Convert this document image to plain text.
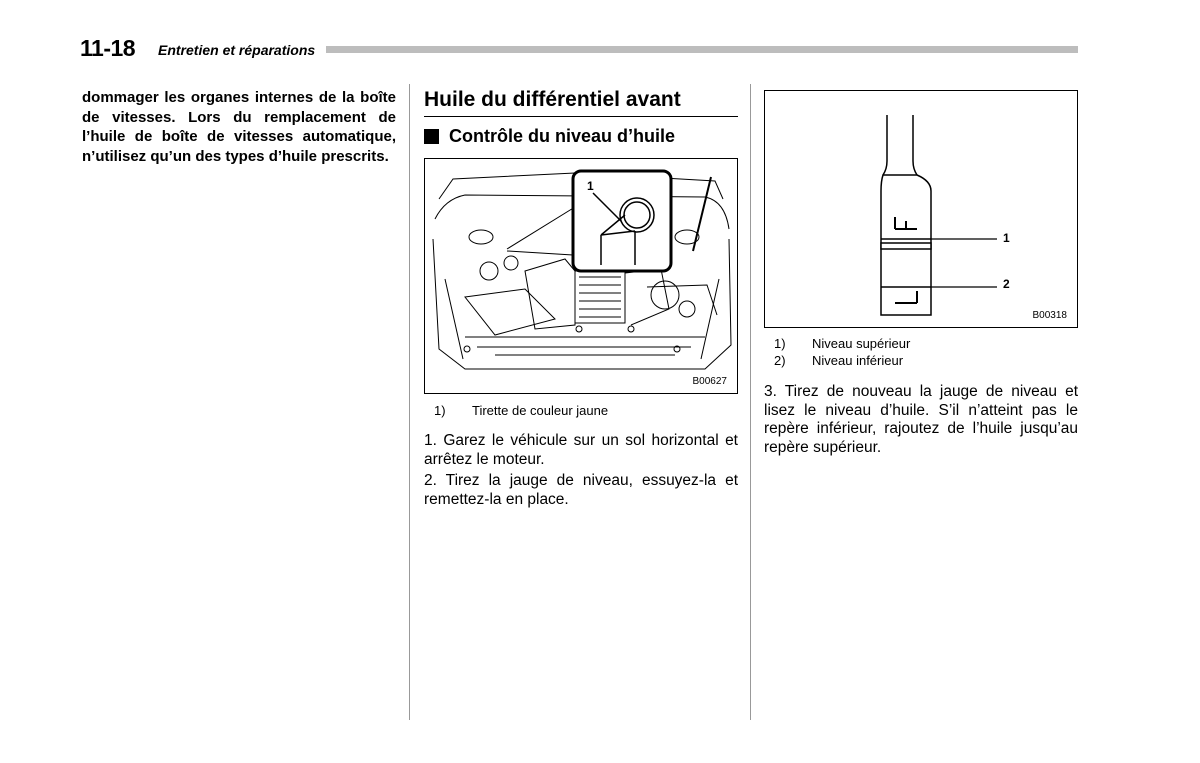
11-18 Entretien et réparations
dommager les organes internes de la boîte de vitesses. Lors du remplacement de l’huile de boîte de vitesses automatique, n’utilisez qu’un des types d’huile prescrits.
Huile du différentiel avant
Contrôle du niveau d’huile
1
B00627
1) Tirette de couleur jaune
1. Garez le véhicule sur un sol horizontal et arrêtez le moteur.
2. Tirez la jauge de niveau, essuyez-la et remettez-la en place.
1
2
B00318
1) Niveau supérieur
2) Niveau inférieur
3. Tirez de nouveau la jauge de niveau et lisez le niveau d’huile. S’il n’atteint pas le repère inférieur, rajoutez de l’huile jusqu’au repère supérieur.
